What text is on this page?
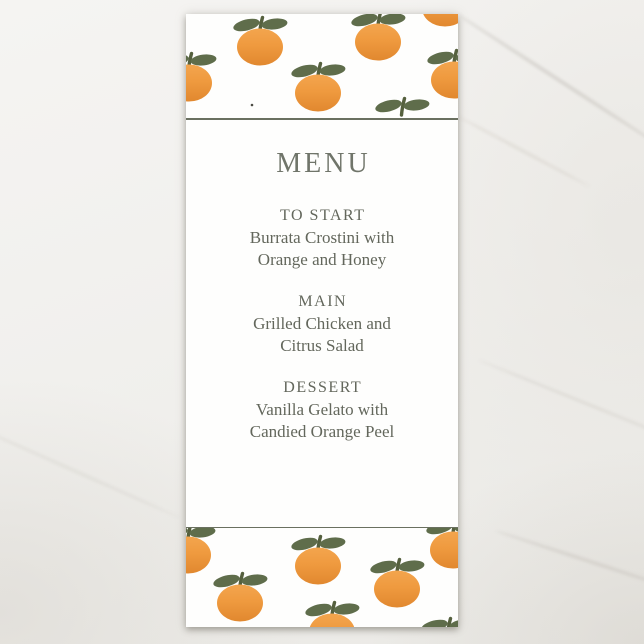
MENU
TO START
Burrata Crostini with
Orange and Honey
MAIN
Grilled Chicken and
Citrus Salad
DESSERT
Vanilla Gelato with
Candied Orange Peel
